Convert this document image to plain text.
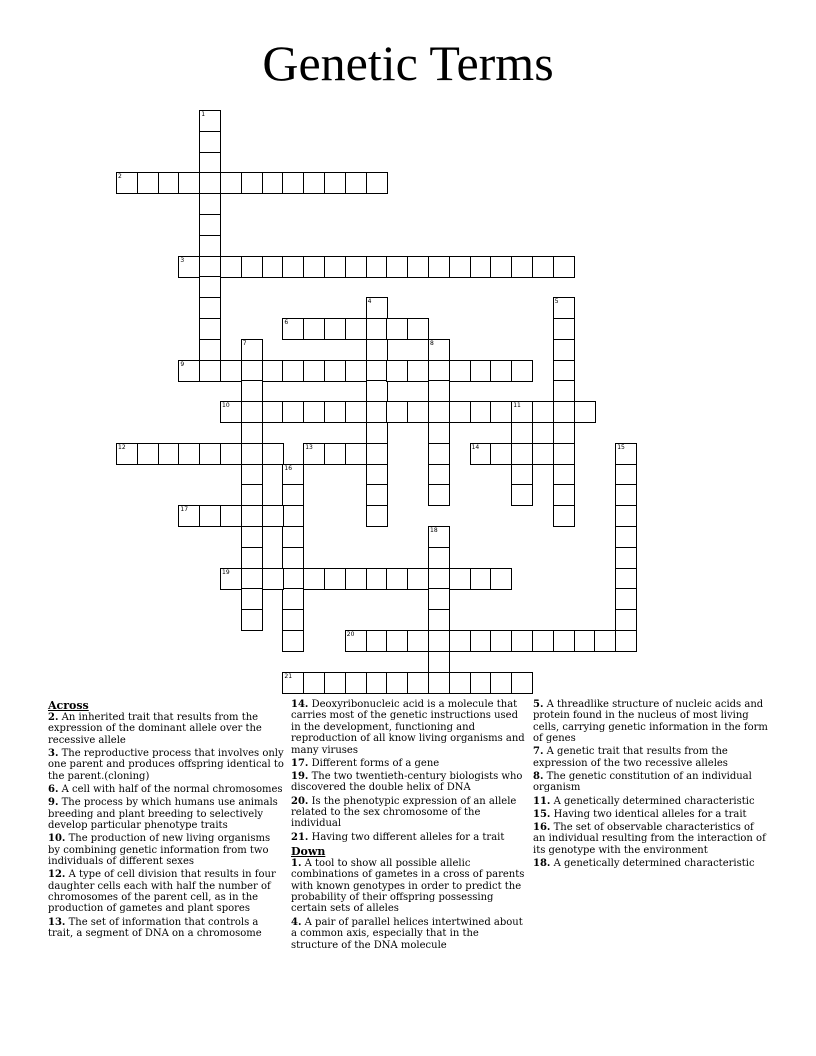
Genetic Terms
1
2
3
4	5
6
7	8
9
10	11
12	13	14	15
16
17
18
19
20
21
Across
2. An inherited trait that results from the expression of the dominant allele over the recessive allele
3. The reproductive process that involves only one parent and produces offspring identical to the parent.(cloning)
6. A cell with half of the normal chromosomes
9. The process by which humans use animals breeding and plant breeding to selectively develop particular phenotype traits
10. The production of new living organisms by combining genetic information from two individuals of different sexes
12. A type of cell division that results in four daughter cells each with half the number of chromosomes of the parent cell, as in the production of gametes and plant spores
13. The set of information that controls a trait, a segment of DNA on a chromosome
14. Deoxyribonucleic acid is a molecule that carries most of the genetic instructions used in the development, functioning and reproduction of all know living organisms and many viruses
17. Different forms of a gene
19. The two twentieth-century biologists who discovered the double helix of DNA
20. Is the phenotypic expression of an allele related to the sex chromosome of the individual
21. Having two different alleles for a trait
Down
1. A tool to show all possible allelic combinations of gametes in a cross of parents with known genotypes in order to predict the probability of their offspring possessing certain sets of alleles
4. A pair of parallel helices intertwined about a common axis, especially that in the structure of the DNA molecule
5. A threadlike structure of nucleic acids and protein found in the nucleus of most living cells, carrying genetic information in the form of genes
7. A genetic trait that results from the expression of the two recessive alleles
8. The genetic constitution of an individual organism
11. A genetically determined characteristic
15. Having two identical alleles for a trait
16. The set of observable characteristics of an individual resulting from the interaction of its genotype with the environment
18. A genetically determined characteristic
